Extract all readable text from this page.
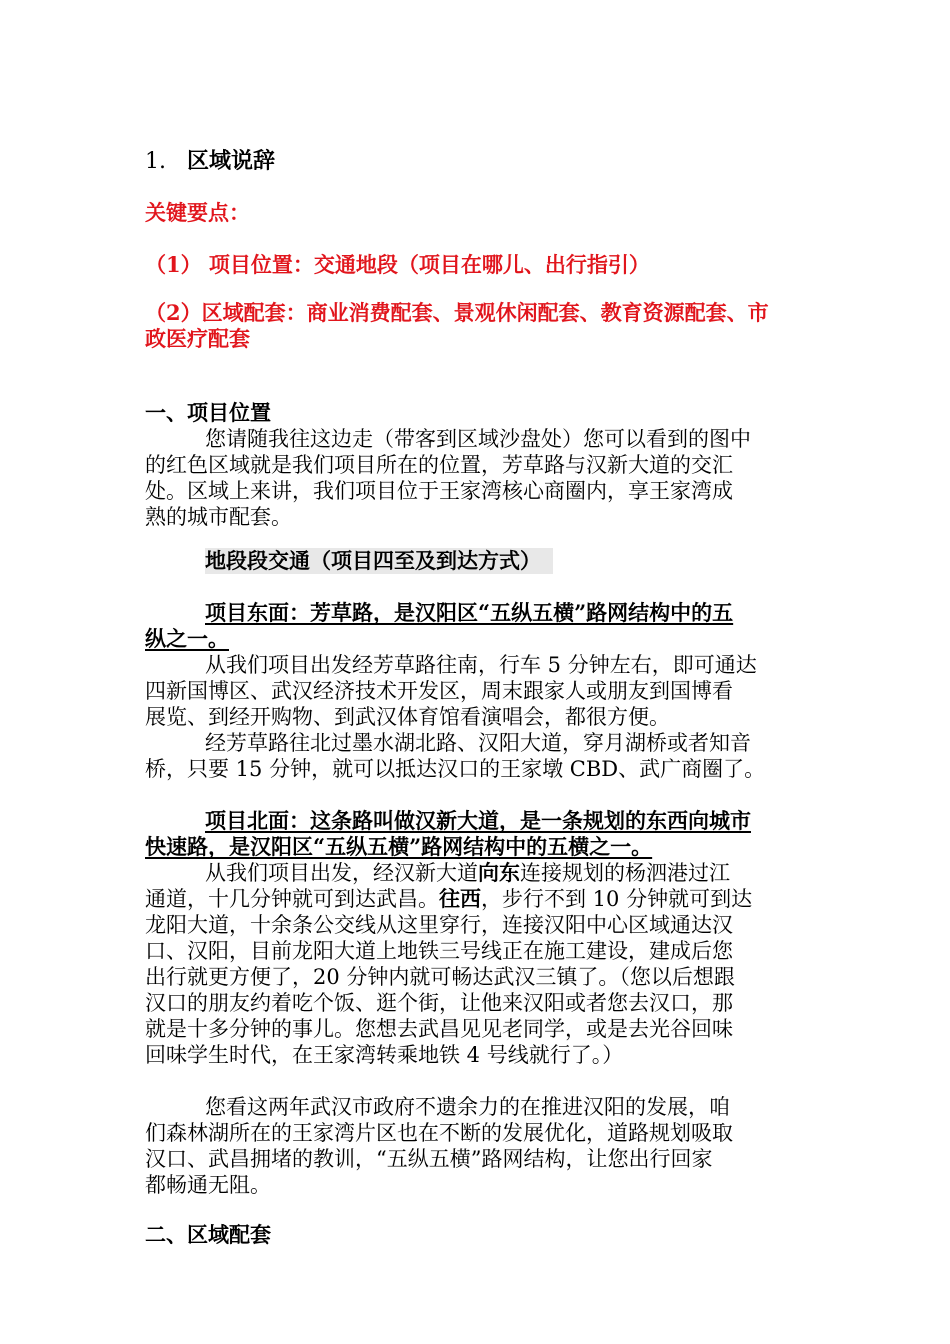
1. 区域说辞
关键要点：
（1） 项目位置：交通地段（项目在哪儿、出行指引）
（2）区域配套：商业消费配套、景观休闲配套、教育资源配套、市
政医疗配套
一、项目位置
您请随我往这边走（带客到区域沙盘处）您可以看到的图中
的红色区域就是我们项目所在的位置，芳草路与汉新大道的交汇
处。区域上来讲，我们项目位于王家湾核心商圈内，享王家湾成
熟的城市配套。
地段段交通（项目四至及到达方式）
项目东面：芳草路，是汉阳区“五纵五横”路网结构中的五
纵之一。
从我们项目出发经芳草路往南，行车 5 分钟左右，即可通达
四新国博区、武汉经济技术开发区，周末跟家人或朋友到国博看
展览、到经开购物、到武汉体育馆看演唱会，都很方便。
经芳草路往北过墨水湖北路、汉阳大道，穿月湖桥或者知音
桥，只要 15 分钟，就可以抵达汉口的王家墩 CBD、武广商圈了。
项目北面：这条路叫做汉新大道，是一条规划的东西向城市
快速路，是汉阳区“五纵五横”路网结构中的五横之一。
从我们项目出发，经汉新大道向东连接规划的杨泗港过江
通道，十几分钟就可到达武昌。往西，步行不到 10 分钟就可到达
龙阳大道，十余条公交线从这里穿行，连接汉阳中心区域通达汉
口、汉阳，目前龙阳大道上地铁三号线正在施工建设，建成后您
出行就更方便了，20 分钟内就可畅达武汉三镇了。（您以后想跟
汉口的朋友约着吃个饭、逛个街，让他来汉阳或者您去汉口，那
就是十多分钟的事儿。您想去武昌见见老同学，或是去光谷回味
回味学生时代，在王家湾转乘地铁 4 号线就行了。）
您看这两年武汉市政府不遗余力的在推进汉阳的发展，咱
们森林湖所在的王家湾片区也在不断的发展优化，道路规划吸取
汉口、武昌拥堵的教训，“五纵五横”路网结构，让您出行回家
都畅通无阻。
二、区域配套
